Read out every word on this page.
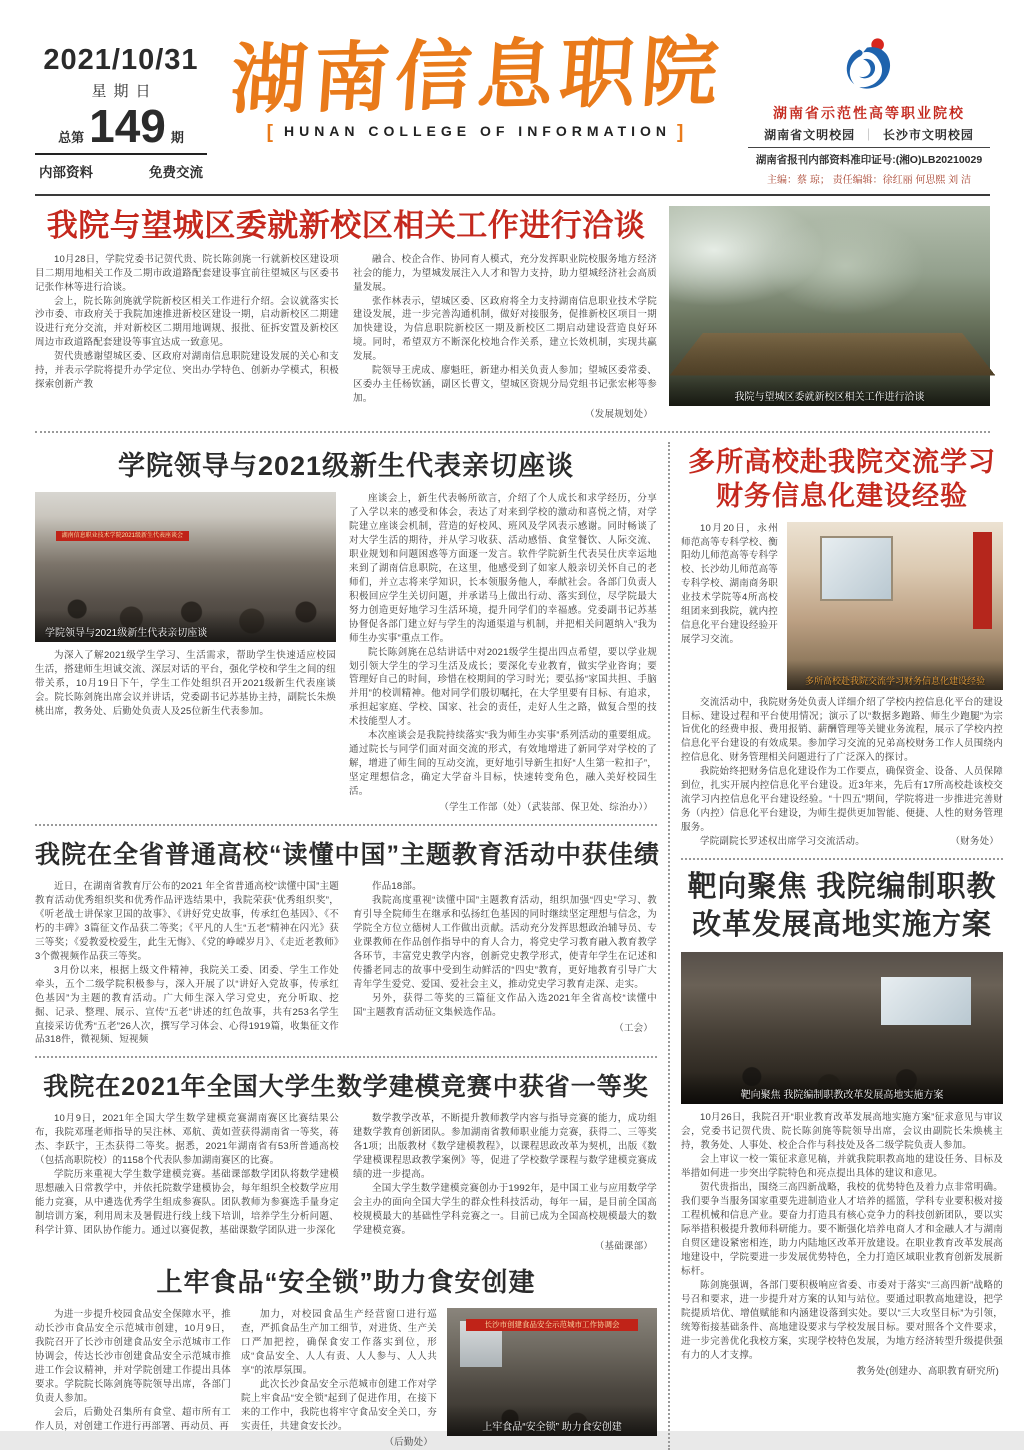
2021/10/31
星期日
总第 149 期
内部资料	免费交流
湖南信息职院
[ HUNAN COLLEGE OF INFORMATION ]
湖南省示范性高等职业院校
湖南省文明校园 ｜ 长沙市文明校园
湖南省报刊内部资料准印证号:(湘O)LB20210029
主编：蔡 琼； 责任编辑：徐红丽 何思熙 刘 洁
我院与望城区委就新校区相关工作进行洽谈

10月28日，学院党委书记贺代贵、院长陈剑旄一行就新校区建设项目二期用地相关工作及二期市政道路配套建设事宜前往望城区与区委书记张作林等进行洽谈。

会上，院长陈剑旄就学院新校区相关工作进行介绍。会议就落实长沙市委、市政府关于我院加速推进新校区建设一期，启动新校区二期建设进行充分交流，并对新校区二期用地调规、报批、征拆安置及新校区周边市政道路配套建设等事宜达成一致意见。

贺代贵感谢望城区委、区政府对湖南信息职院建设发展的关心和支持，并表示学院将提升办学定位、突出办学特色、创新办学模式，积极探索创新产教

融合、校企合作、协同育人模式，充分发挥职业院校服务地方经济社会的能力，为望城发展注入人才和智力支持，助力望城经济社会高质量发展。

张作林表示，望城区委、区政府将全力支持湖南信息职业技术学院建设发展，进一步完善沟通机制，做好对接服务，促推新校区项目一期加快建设，为信息职院新校区一期及新校区二期启动建设营造良好环境。同时，希望双方不断深化校地合作关系，建立长效机制，实现共赢发展。

院领导王虎成、廖魁旺，新建办相关负责人参加；望城区委常委、区委办主任杨钦涵，副区长曹文，望城区资规分局党组书记张宏彬等参加。

（发展规划处）
我院与望城区委就新校区相关工作进行洽谈
学院领导与2021级新生代表亲切座谈
湖南信息职业技术学院2021级新生代表座谈会
学院领导与2021级新生代表亲切座谈

为深入了解2021级学生学习、生活需求，帮助学生快速适应校园生活，搭建师生坦诚交流、深层对话的平台，强化学校和学生之间的纽带关系，10月19日下午，学生工作处组织召开2021级新生代表座谈会。院长陈剑旄出席会议并讲话，党委副书记苏基协主持，副院长朱焕桃出席，教务处、后勤处负责人及25位新生代表参加。

座谈会上，新生代表畅所欲言，介绍了个人成长和求学经历，分享了入学以来的感受和体会，表达了对来到学校的激动和喜悦之情，对学院建立座谈会机制，营造的好校风、班风及学风表示感谢。同时畅谈了对大学生活的期待，并从学习收获、活动感悟、食堂餐饮、人际交流、职业规划和问题困惑等方面逐一发言。软件学院新生代表吴仕庆幸运地来到了湖南信息职院，在这里，他感受到了如家人般亲切关怀自己的老师们，并立志将来学知识，长本领服务他人，奉献社会。各部门负责人积极回应学生关切问题，并承诺马上做出行动、落实到位，尽学院最大努力创造更好地学习生活环境，提升同学们的幸福感。党委副书记苏基协督促各部门建立好与学生的沟通渠道与机制，并把相关问题纳入“我为师生办实事”重点工作。

院长陈剑旄在总结讲话中对2021级学生提出四点希望，要以学业规划引领大学生的学习生活及成长；要深化专业教育，做实学业咨询；要管理好自己的时间，珍惜在校期间的学习时光；要弘扬“家国共担、手脑并用”的校训精神。他对同学们殷切嘱托，在大学里要有目标、有追求，承担起家庭、学校、国家、社会的责任，走好人生之路，做复合型的技术技能型人才。

本次座谈会是我院持续落实“我为师生办实事”系列活动的重要组成。通过院长与同学们面对面交流的形式，有效地增进了新同学对学校的了解，增进了师生间的互动交流，更好地引导新生扣好“人生第一粒扣子”，坚定理想信念，确定大学奋斗目标，快速转变角色，融入美好校园生活。

（学生工作部（处）（武装部、保卫处、综治办））
我院在全省普通高校“读懂中国”主题教育活动中获佳绩

近日，在湖南省教育厅公布的2021 年全省普通高校“读懂中国”主题教育活动优秀组织奖和优秀作品评选结果中，我院荣获“优秀组织奖”，《听老战士讲保家卫国的故事》、《讲好党史故事，传承红色基因》、《不朽的丰碑》3篇征文作品获二等奖；《平凡的人生“五老”精神在闪光》获三等奖；《爱教爱校爱生，此生无悔》、《党的峥嵘岁月》、《走近老教师》3个微视频作品获三等奖。

3月份以来，根据上级文件精神，我院关工委、团委、学生工作处牵头，五个二级学院积极参与，深入开展了以“讲好入党故事，传承红色基因”为主题的教育活动。广大师生深入学习党史，充分听取、挖掘、记录、整理、展示、宣传“五老”讲述的红色故事，共有253名学生直接采访优秀“五老”26人次，撰写学习体会、心得1919篇，收集征文作品318件，微视频、短视频

作品18部。

我院高度重视“读懂中国”主题教育活动，组织加强“四史”学习、教育引导全院师生在继承和弘扬红色基因的同时继续坚定理想与信念，为学院全方位立德树人工作做出贡献。活动充分发挥思想政治辅导员、专业课教师在作品创作指导中的育人合力，将党史学习教育融入教育教学各环节，丰富党史教学内容，创新党史教学形式，使青年学生在记述和传播老同志的故事中受到生动鲜活的“四史”教育，更好地教育引导广大青年学生爱党、爱国、爱社会主义，推动党史学习教育走深、走实。

另外，获得二等奖的三篇征文作品入选2021年全省高校“读懂中国”主题教育活动征文集候选作品。

（工会）
我院在2021年全国大学生数学建模竞赛中获省一等奖

10月9日，2021年全国大学生数学建模竞赛湖南赛区比赛结果公布，我院邓瑾老师指导的吴注林、邓航、黄如萱获得湖南省一等奖，蒋杰、李跃宇，王杰获得二等奖。据悉，2021年湖南省有53所普通高校（包括高职院校）的1158个代表队参加湖南赛区的比赛。

学院历来重视大学生数学建模竞赛。基础课部数学团队将数学建模思想融入日常教学中，并依托院数学建模协会，每年组织全校数学应用能力竞赛，从中遴选优秀学生组成参赛队。团队教师为参赛选手量身定制培训方案，利用周末及暑假进行线上线下培训，培养学生分析问题、科学计算、团队协作能力。通过以赛促教，基础课数学团队进一步深化

数学教学改革，不断提升教师教学内容与指导竞赛的能力，成功组建数学教育创新团队。参加湖南省教师职业能力竞赛，获得二、三等奖各1项；出版教材《数学建模教程》，以课程思政改革为契机，出版《数学建模课程思政教学案例》等，促进了学校数学课程与数学建模竞赛成绩的进一步提高。

全国大学生数学建模竞赛创办于1992年，是中国工业与应用数学学会主办的面向全国大学生的群众性科技活动，每年一届，是目前全国高校规模最大的基础性学科竞赛之一。目前已成为全国高校规模最大的数学建模竞赛。

（基础课部）
上牢食品“安全锁”助力食安创建

为进一步提升校园食品安全保障水平，推动长沙市食品安全示范城市创建，10月9日，我院召开了长沙市创建食品安全示范城市工作协调会，传达长沙市创建食品安全示范城市推进工作会议精神，并对学院创建工作提出具体要求。学院院长陈剑旄等院领导出席，各部门负责人参加。

会后，后勤处召集所有食堂、超市所有工作人员，对创建工作进行再部署、再动员、再

加力，对校园食品生产经营窗口进行巡查，严抓食品生产加工细节，对进货、生产关口严加把控，确保食安工作落实到位，形成“食品安全、人人有责、人人参与、人人共享”的浓厚氛围。

此次长沙食品安全示范城市创建工作对学院上牢食品“安全锁”起到了促进作用，在接下来的工作中，我院也将牢守食品安全关口，夯实责任，共建食安长沙。

（后勤处）
长沙市创建食品安全示范城市工作协调会
上牢食品“安全锁” 助力食安创建
多所高校赴我院交流学习
财务信息化建设经验

10月20日，永州师范高等专科学校、衡阳幼儿师范高等专科学校、长沙幼儿师范高等专科学校、湖南商务职业技术学院等4所高校组团来到我院，就内控信息化平台建设经验开展学习交流。

多所高校赴我院交流学习财务信息化建设经验

交流活动中，我院财务处负责人详细介绍了学校内控信息化平台的建设目标、建设过程和平台使用情况；演示了以“数据多跑路、师生少跑腿”为宗旨优化的经费申报、费用报销、薪酬管理等关键业务流程，展示了学校内控信息化平台建设的有效成果。参加学习交流的兄弟高校财务工作人员围绕内控信息化、财务管理相关问题进行了广泛深入的探讨。

我院始终把财务信息化建设作为工作要点，确保资金、设备、人员保障到位，扎实开展内控信息化平台建设。近3年来，先后有17所高校赴该校交流学习内控信息化平台建设经验。“十四五”期间，学院将进一步推进完善财务（内控）信息化平台建设，为师生提供更加智能、便捷、人性的财务管理服务。

学院副院长罗述权出席学习交流活动。	（财务处）
靶向聚焦 我院编制职教
改革发展高地实施方案
靶向聚焦 我院编制职教改革发展高地实施方案

10月26日，我院召开“职业教育改革发展高地实施方案”征求意见与审议会，党委书记贺代贵、院长陈剑旄等院领导出席，会议由副院长朱焕桃主持，教务处、人事处、校企合作与科技处及各二级学院负责人参加。

会上审议一校一策征求意见稿，并就我院职教高地的建设任务、目标及举措如何进一步突出学院特色和亮点提出具体的建议和意见。

贺代贵指出，围绕三高四新战略，我校的优势特色及着力点非常明确。我们要争当服务国家重要先进制造业人才培养的摇篮，学科专业要积极对接工程机械和信息产业。要奋力打造具有核心竞争力的科技创新团队，要以实际举措积极提升教师科研能力。要不断强化培养电商人才和金融人才与湖南自贸区建设紧密相连，助力内陆地区改革开放建设。在职业教育改革发展高地建设中，学院要进一步发展优势特色，全力打造区域职业教育创新发展新标杆。

陈剑旄强调，各部门要积极响应省委、市委对于落实“三高四新”战略的号召和要求，进一步提升对方案的认知与站位。要通过职教高地建设，把学院提质培优、增值赋能和内涵建设落到实处。要以“三大攻坚目标”为引领，统筹衔接基础条件、高地建设要求与学校发展目标。要对照各个文件要求，进一步完善优化我校方案，实现学校特色发展，为地方经济转型升级提供强有力的人才支撑。

教务处(创建办、高职教育研究所)
